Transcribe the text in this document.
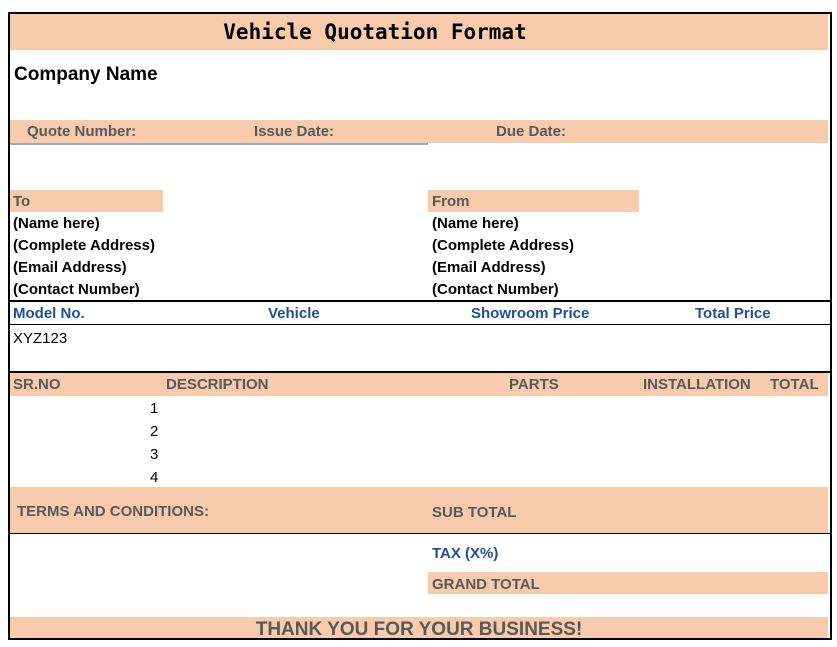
Vehicle Quotation Format
Company Name
Quote Number:	Issue Date:	Due Date:
To
(Name here)
(Complete Address)
(Email Address)
(Contact Number)
From
(Name here)
(Complete Address)
(Email Address)
(Contact Number)
Model No.	Vehicle	Showroom Price	Total Price
XYZ123
SR.NO	DESCRIPTION	PARTS	INSTALLATION TOTAL
1
2
3
4
TERMS AND CONDITIONS:	SUB TOTAL
TAX (X%)
GRAND TOTAL
THANK YOU FOR YOUR BUSINESS!
